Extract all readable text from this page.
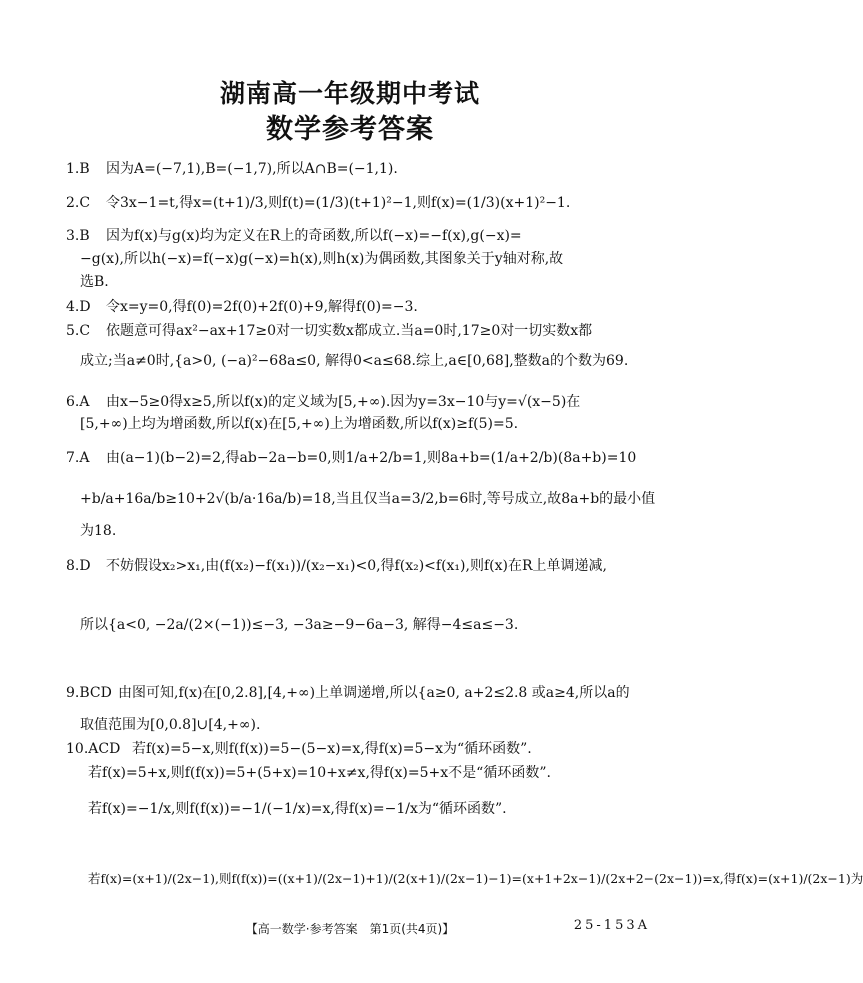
湖南高一年级期中考试
数学参考答案
1.B 因为A=(−7,1),B=(−1,7),所以A∩B=(−1,1).
2.C 令3x−1=t,得x=(t+1)/3,则f(t)=(1/3)(t+1)²−1,则f(x)=(1/3)(x+1)²−1.
3.B 因为f(x)与g(x)均为定义在R上的奇函数,所以f(−x)=−f(x),g(−x)=
−g(x),所以h(−x)=f(−x)g(−x)=h(x),则h(x)为偶函数,其图象关于y轴对称,故
选B.
4.D 令x=y=0,得f(0)=2f(0)+2f(0)+9,解得f(0)=−3.
5.C 依题意可得ax²−ax+17≥0对一切实数x都成立.当a=0时,17≥0对一切实数x都
成立;当a≠0时,{a>0, (−a)²−68a≤0, 解得0<a≤68.综上,a∈[0,68],整数a的个数为69.
6.A 由x−5≥0得x≥5,所以f(x)的定义域为[5,+∞).因为y=3x−10与y=√(x−5)在
[5,+∞)上均为增函数,所以f(x)在[5,+∞)上为增函数,所以f(x)≥f(5)=5.
7.A 由(a−1)(b−2)=2,得ab−2a−b=0,则1/a+2/b=1,则8a+b=(1/a+2/b)(8a+b)=10
+b/a+16a/b≥10+2√(b/a·16a/b)=18,当且仅当a=3/2,b=6时,等号成立,故8a+b的最小值
为18.
8.D 不妨假设x₂>x₁,由(f(x₂)−f(x₁))/(x₂−x₁)<0,得f(x₂)<f(x₁),则f(x)在R上单调递减,
所以{a<0, −2a/(2×(−1))≤−3, −3a≥−9−6a−3, 解得−4≤a≤−3.
9.BCD 由图可知,f(x)在[0,2.8],[4,+∞)上单调递增,所以{a≥0, a+2≤2.8 或a≥4,所以a的
取值范围为[0,0.8]∪[4,+∞).
10.ACD 若f(x)=5−x,则f(f(x))=5−(5−x)=x,得f(x)=5−x为“循环函数”.
若f(x)=5+x,则f(f(x))=5+(5+x)=10+x≠x,得f(x)=5+x不是“循环函数”.
若f(x)=−1/x,则f(f(x))=−1/(−1/x)=x,得f(x)=−1/x为“循环函数”.
若f(x)=(x+1)/(2x−1),则f(f(x))=((x+1)/(2x−1)+1)/(2(x+1)/(2x−1)−1)=(x+1+2x−1)/(2x+2−(2x−1))=x,得f(x)=(x+1)/(2x−1)为
【高一数学·参考答案　第1页(共4页)】	25-153A
